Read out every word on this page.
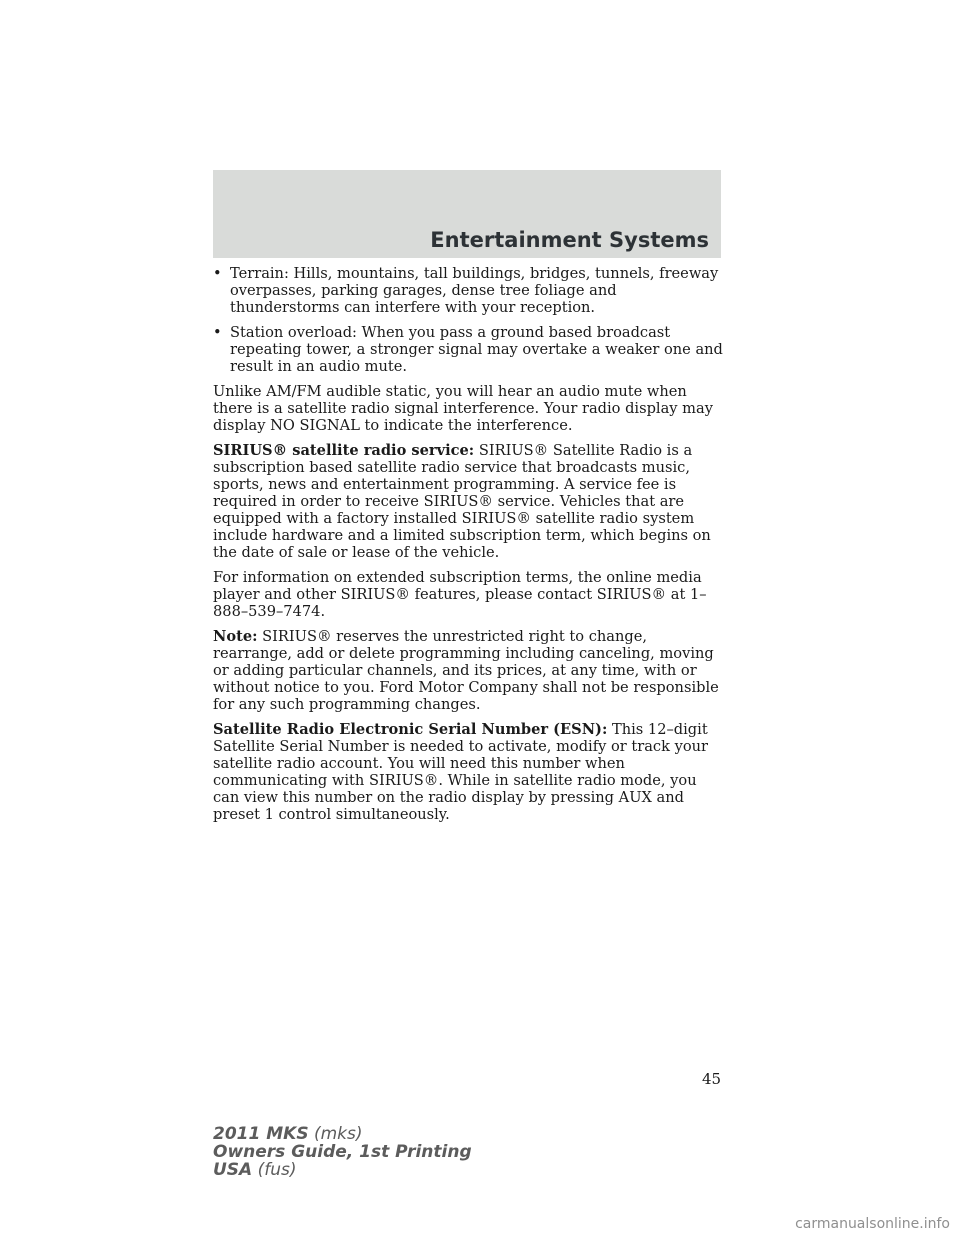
Entertainment Systems
• Terrain: Hills, mountains, tall buildings, bridges, tunnels, freeway overpasses, parking garages, dense tree foliage and thunderstorms can interfere with your reception.
• Station overload: When you pass a ground based broadcast repeating tower, a stronger signal may overtake a weaker one and result in an audio mute.

Unlike AM/FM audible static, you will hear an audio mute when there is a satellite radio signal interference. Your radio display may display NO SIGNAL to indicate the interference.

SIRIUS® satellite radio service: SIRIUS® Satellite Radio is a subscription based satellite radio service that broadcasts music, sports, news and entertainment programming. A service fee is required in order to receive SIRIUS® service. Vehicles that are equipped with a factory installed SIRIUS® satellite radio system include hardware and a limited subscription term, which begins on the date of sale or lease of the vehicle.

For information on extended subscription terms, the online media player and other SIRIUS® features, please contact SIRIUS® at 1–888–539–7474.

Note: SIRIUS® reserves the unrestricted right to change, rearrange, add or delete programming including canceling, moving or adding particular channels, and its prices, at any time, with or without notice to you. Ford Motor Company shall not be responsible for any such programming changes.

Satellite Radio Electronic Serial Number (ESN): This 12–digit Satellite Serial Number is needed to activate, modify or track your satellite radio account. You will need this number when communicating with SIRIUS®. While in satellite radio mode, you can view this number on the radio display by pressing AUX and preset 1 control simultaneously.

45
2011 MKS (mks)
Owners Guide, 1st Printing
USA (fus)
carmanualsonline.info
